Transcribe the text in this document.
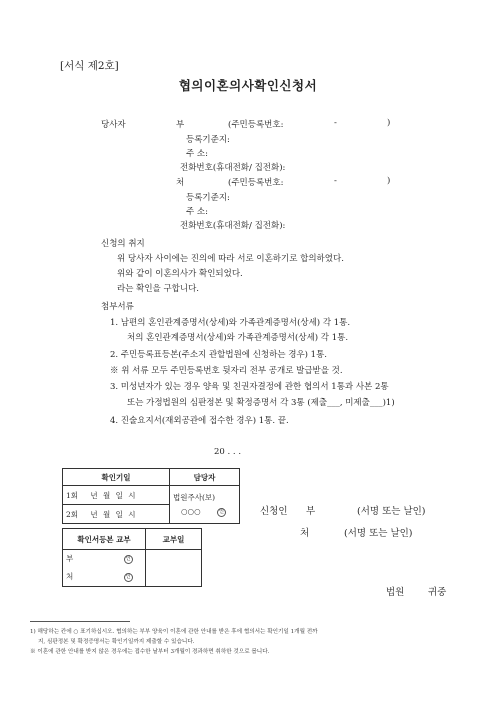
[서식 제2호]
협의이혼의사확인신청서
당사자	부	(주민등록번호:	-	)
등록기준지:
주 소:
전화번호(휴대전화/ 집전화):
처	(주민등록번호:	-	)
등록기준지:
주 소:
전화번호(휴대전화/ 집전화):
신청의 취지
위 당사자 사이에는 진의에 따라 서로 이혼하기로 합의하였다.
위와 같이 이혼의사가 확인되었다.
라는 확인을 구합니다.
첨부서류
1. 남편의 혼인관계증명서(상세)와 가족관계증명서(상세) 각 1통.
처의 혼인관계증명서(상세)와 가족관계증명서(상세) 각 1통.
2. 주민등록표등본(주소지 관할법원에 신청하는 경우) 1통.
※ 위 서류 모두 주민등록번호 뒷자리 전부 공개로 발급받을 것.
3. 미성년자가 있는 경우 양육 및 친권자결정에 관한 협의서 1통과 사본 2통
또는 가정법원의 심판정본 및 확정증명서 각 3통 (제출___, 미제출___)1)
4. 진술요지서(재외공관에 접수한 경우) 1통. 끝.
20 . . .
확인기일	담당자
1회 년 월 일 시	법원주사(보)
○○○ 인

2회 년 월 일 시	
확인서등본 교부	교부일

부 인
처 인	

신청인 부	(서명 또는 날인)
처	(서명 또는 날인)
법원 귀중
1) 해당하는 칸에 ○ 표기하십시오. 협의하는 부부 양육이 이혼에 관한 안내를 받은 후에 협의서는 확인기일 1개월 전까
지, 심판정본 및 확정증명서는 확인기일까지 제출할 수 있습니다.
※ 이혼에 관한 안내를 받지 않은 경우에는 접수한 날부터 3개월이 경과하면 취하한 것으로 봅니다.
